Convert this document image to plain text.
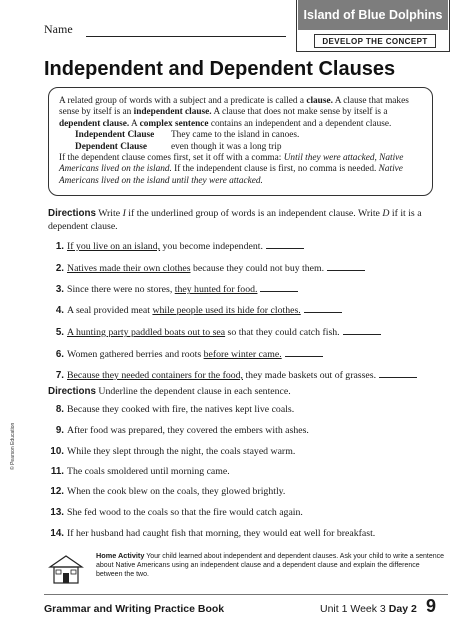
Name
Island of Blue Dolphins
DEVELOP THE CONCEPT
Independent and Dependent Clauses

A related group of words with a subject and a predicate is called a clause. A clause that makes sense by itself is an independent clause. A clause that does not make sense by itself is a dependent clause. A complex sentence contains an independent and a dependent clause.

Independent Clause	They came to the island in canoes.
Dependent Clause	even though it was a long trip

If the dependent clause comes first, set it off with a comma: Until they were attacked, Native Americans lived on the island. If the independent clause is first, no comma is needed. Native Americans lived on the island until they were attacked.

Directions Write I if the underlined group of words is an independent clause. Write D if it is a dependent clause.
1. If you live on an island, you become independent.
2. Natives made their own clothes because they could not buy them.
3. Since there were no stores, they hunted for food.
4. A seal provided meat while people used its hide for clothes.
5. A hunting party paddled boats out to sea so that they could catch fish.
6. Women gathered berries and roots before winter came.
7. Because they needed containers for the food, they made baskets out of grasses.
Directions Underline the dependent clause in each sentence.
8. Because they cooked with fire, the natives kept live coals.
9. After food was prepared, they covered the embers with ashes.
10. While they slept through the night, the coals stayed warm.
11. The coals smoldered until morning came.
12. When the cook blew on the coals, they glowed brightly.
13. She fed wood to the coals so that the fire would catch again.
14. If her husband had caught fish that morning, they would eat well for breakfast.
© Pearson Education
Home Activity Your child learned about independent and dependent clauses. Ask your child to write a sentence about Native Americans using an independent clause and a dependent clause and explain the difference between the two.
Grammar and Writing Practice Book	Unit 1 Week 3 Day 2 9
